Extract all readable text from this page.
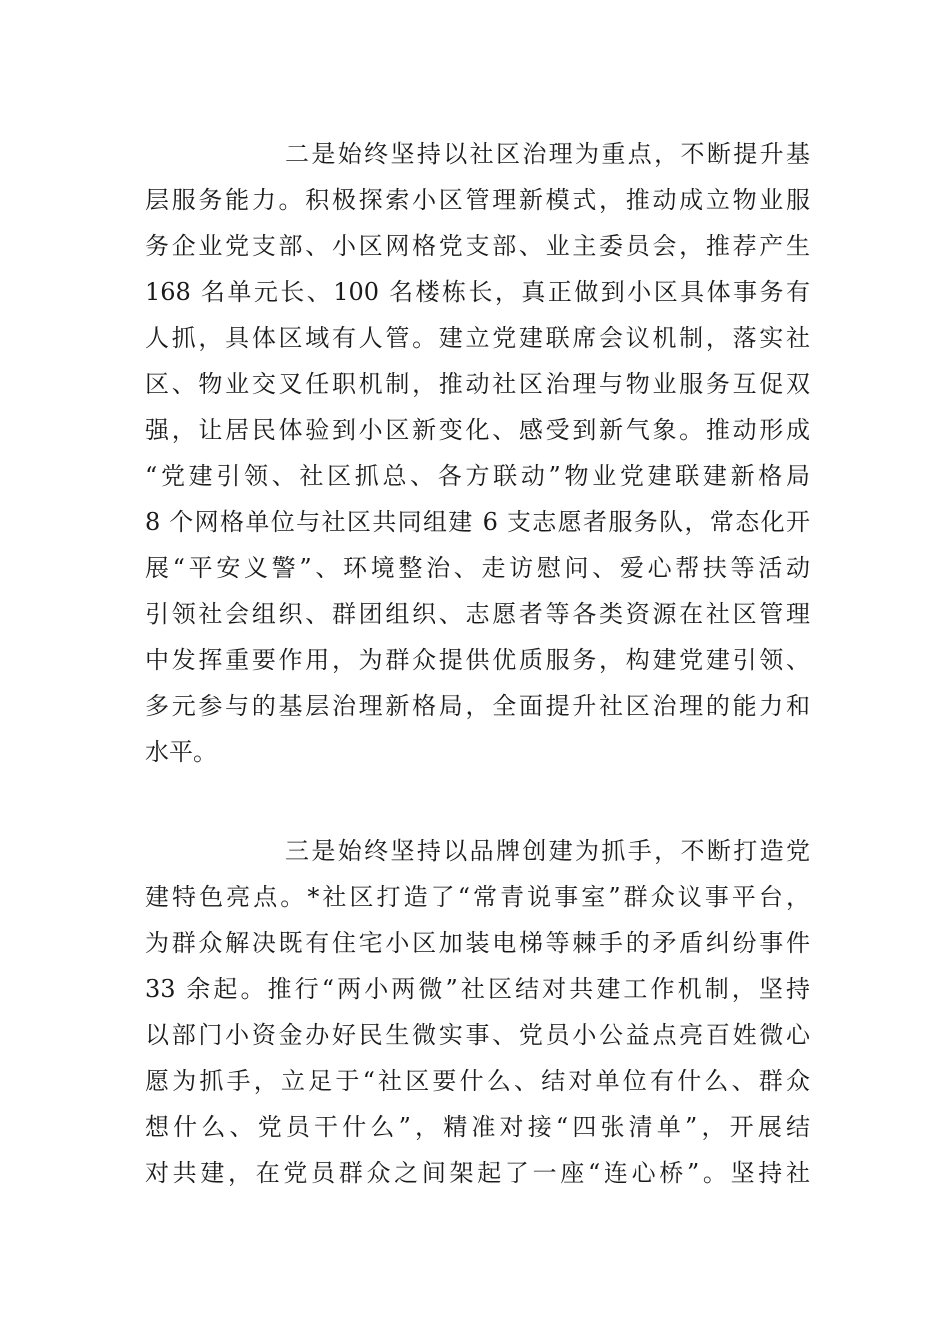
二是始终坚持以社区治理为重点，不断提升基
层服务能力。积极探索小区管理新模式，推动成立物业服
务企业党支部、小区网格党支部、业主委员会，推荐产生
168 名单元长、100 名楼栋长，真正做到小区具体事务有
人抓，具体区域有人管。建立党建联席会议机制，落实社
区、物业交叉任职机制，推动社区治理与物业服务互促双
强，让居民体验到小区新变化、感受到新气象。推动形成
“党建引领、社区抓总、各方联动”物业党建联建新格局
8 个网格单位与社区共同组建 6 支志愿者服务队，常态化开
展“平安义警”、环境整治、走访慰问、爱心帮扶等活动
引领社会组织、群团组织、志愿者等各类资源在社区管理
中发挥重要作用，为群众提供优质服务，构建党建引领、
多元参与的基层治理新格局，全面提升社区治理的能力和
水平。
三是始终坚持以品牌创建为抓手，不断打造党
建特色亮点。*社区打造了“常青说事室”群众议事平台，
为群众解决既有住宅小区加装电梯等棘手的矛盾纠纷事件
33 余起。推行“两小两微”社区结对共建工作机制，坚持
以部门小资金办好民生微实事、党员小公益点亮百姓微心
愿为抓手，立足于“社区要什么、结对单位有什么、群众
想什么、党员干什么”，精准对接“四张清单”，开展结
对共建，在党员群众之间架起了一座“连心桥”。坚持社
